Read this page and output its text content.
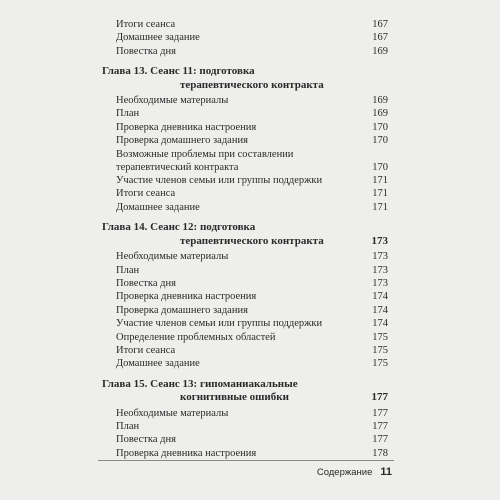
Итоги сеанса	167
Домашнее задание	167
Повестка дня	169
Глава 13. Сеанс 11: подготовка
терапевтического контракта
Необходимые материалы	169
План	169
Проверка дневника настроения	170
Проверка домашнего задания	170
Возможные проблемы при составлении
терапевтический контракта	170
Участие членов семьи или группы поддержки	171
Итоги сеанса	171
Домашнее задание	171
Глава 14. Сеанс 12: подготовка
терапевтического контракта	173
Необходимые материалы	173
План	173
Повестка дня	173
Проверка дневника настроения	174
Проверка домашнего задания	174
Участие членов семьи или группы поддержки	174
Определение проблемных областей	175
Итоги сеанса	175
Домашнее задание	175
Глава 15. Сеанс 13: гипоманиакальные
когнитивные ошибки	177
Необходимые материалы	177
План	177
Повестка дня	177
Проверка дневника настроения	178
Содержание 11
